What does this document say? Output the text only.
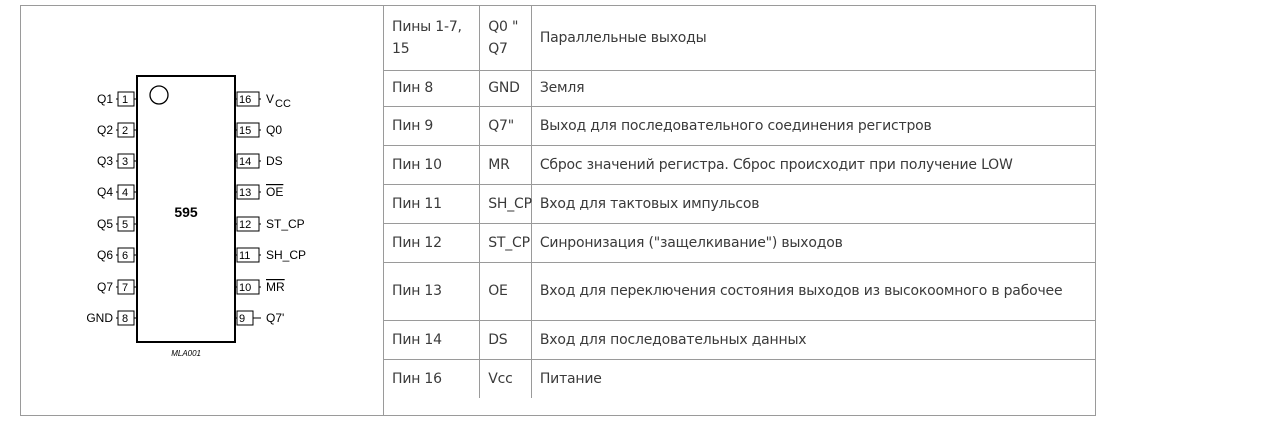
595
MLA001
1
Q1
2
Q2
3
Q3
4
Q4
5
Q5
6
Q6
7
Q7
8
GND
16 V CC
15 Q0
14 DS
13 OE
12 ST_CP
11 SH_CP
10 MR
9 Q7'
Пины 1-7, 15	Q0 " Q7	Параллельные выходы
Пин 8	GND	Земля
Пин 9	Q7"	Выход для последовательного соединения регистров
Пин 10	MR	Сброс значений регистра. Сброс происходит при получение LOW
Пин 11	SH_CP	Вход для тактовых импульсов
Пин 12	ST_CP	Синронизация ("защелкивание") выходов
Пин 13	OE	Вход для переключения состояния выходов из высокоомного в рабочее
Пин 14	DS	Вход для последовательных данных
Пин 16	Vcc	Питание
